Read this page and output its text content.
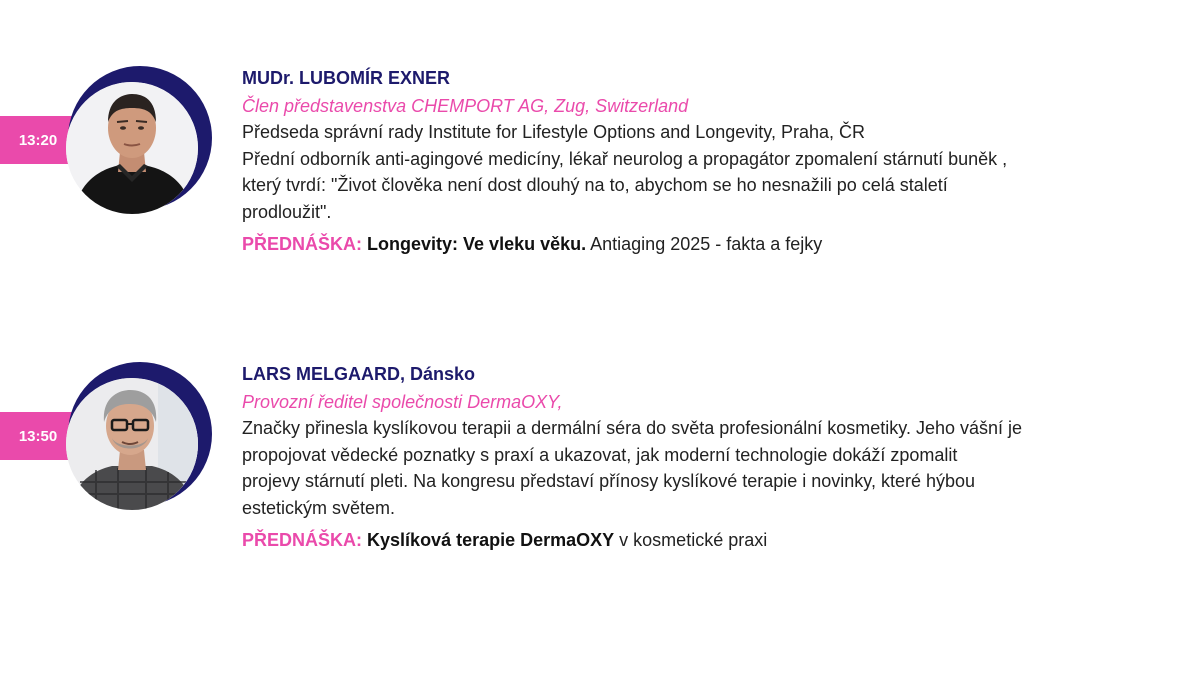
13:20

MUDr. LUBOMÍR EXNER

Člen představenstva CHEMPORT AG, Zug, Switzerland

Předseda správní rady Institute for Lifestyle Options and Longevity, Praha, ČR

Přední odborník anti-agingové medicíny, lékař neurolog a propagátor zpomalení stárnutí buněk ,

který tvrdí: "Život člověka není dost dlouhý na to, abychom se ho nesnažili po celá staletí

prodloužit".

PŘEDNÁŠKA: Longevity: Ve vleku věku. Antiaging 2025 - fakta a fejky

13:50

LARS MELGAARD, Dánsko

Provozní ředitel společnosti DermaOXY,

Značky přinesla kyslíkovou terapii a dermální séra do světa profesionální kosmetiky. Jeho vášní je

propojovat vědecké poznatky s praxí a ukazovat, jak moderní technologie dokáží zpomalit

projevy stárnutí pleti. Na kongresu představí přínosy kyslíkové terapie i novinky, které hýbou

estetickým světem.

PŘEDNÁŠKA: Kyslíková terapie DermaOXY v kosmetické praxi
